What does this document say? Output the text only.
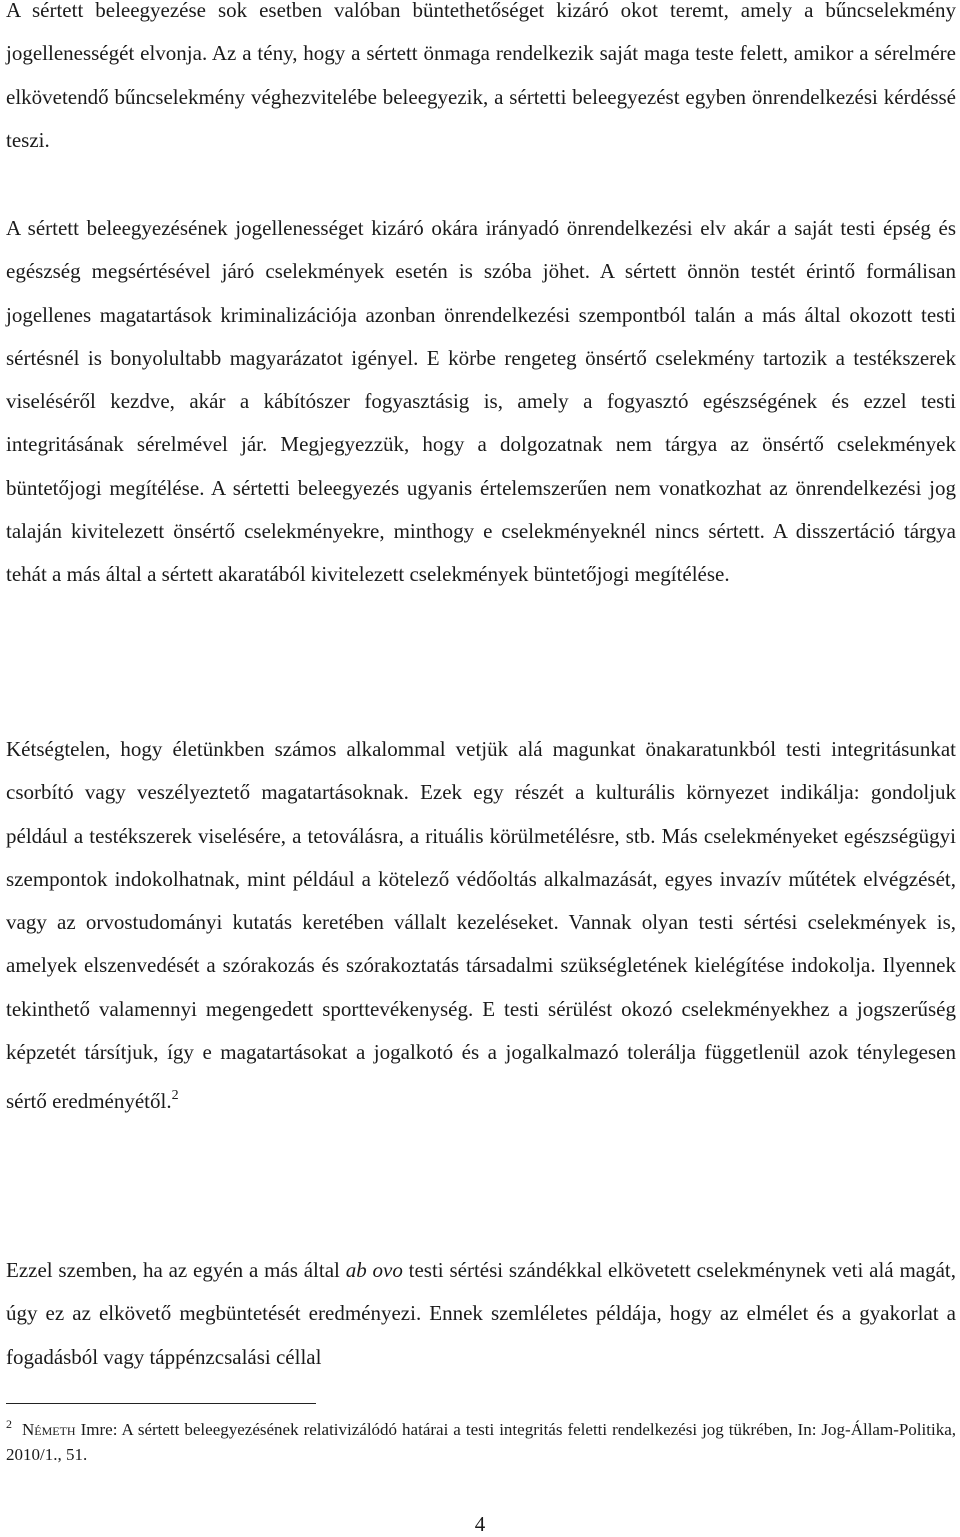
A sértett beleegyezése sok esetben valóban büntethetőséget kizáró okot teremt, amely a bűncselekmény jogellenességét elvonja. Az a tény, hogy a sértett önmaga rendelkezik saját maga teste felett, amikor a sérelmére elkövetendő bűncselekmény véghezvitelébe beleegyezik, a sértetti beleegyezést egyben önrendelkezési kérdéssé teszi.

A sértett beleegyezésének jogellenességet kizáró okára irányadó önrendelkezési elv akár a saját testi épség és egészség megsértésével járó cselekmények esetén is szóba jöhet. A sértett önnön testét érintő formálisan jogellenes magatartások kriminalizációja azonban önrendelkezési szempontból talán a más által okozott testi sértésnél is bonyolultabb magyarázatot igényel. E körbe rengeteg önsértő cselekmény tartozik a testékszerek viseléséről kezdve, akár a kábítószer fogyasztásig is, amely a fogyasztó egészségének és ezzel testi integritásának sérelmével jár. Megjegyezzük, hogy a dolgozatnak nem tárgya az önsértő cselekmények büntetőjogi megítélése. A sértetti beleegyezés ugyanis értelemszerűen nem vonatkozhat az önrendelkezési jog talaján kivitelezett önsértő cselekményekre, minthogy e cselekményeknél nincs sértett. A disszertáció tárgya tehát a más által a sértett akaratából kivitelezett cselekmények büntetőjogi megítélése.

Kétségtelen, hogy életünkben számos alkalommal vetjük alá magunkat önakaratunkból testi integritásunkat csorbító vagy veszélyeztető magatartásoknak. Ezek egy részét a kulturális környezet indikálja: gondoljuk például a testékszerek viselésére, a tetoválásra, a rituális körülmetélésre, stb. Más cselekményeket egészségügyi szempontok indokolhatnak, mint például a kötelező védőoltás alkalmazását, egyes invazív műtétek elvégzését, vagy az orvostudományi kutatás keretében vállalt kezeléseket. Vannak olyan testi sértési cselekmények is, amelyek elszenvedését a szórakozás és szórakoztatás társadalmi szükségletének kielégítése indokolja. Ilyennek tekinthető valamennyi megengedett sporttevékenység. E testi sérülést okozó cselekményekhez a jogszerűség képzetét társítjuk, így e magatartásokat a jogalkotó és a jogalkalmazó tolerálja függetlenül azok ténylegesen sértő eredményétől.$^2$

Ezzel szemben, ha az egyén a más által ab ovo testi sértési szándékkal elkövetett cselekménynek veti alá magát, úgy ez az elkövető megbüntetését eredményezi. Ennek szemléletes példája, hogy az elmélet és a gyakorlat a fogadásból vagy táppénzcsalási céllal

$^2$ Németh Imre: A sértett beleegyezésének relativizálódó határai a testi integritás feletti rendelkezési jog tükrében, In: Jog-Állam-Politika, 2010/1., 51.

4
